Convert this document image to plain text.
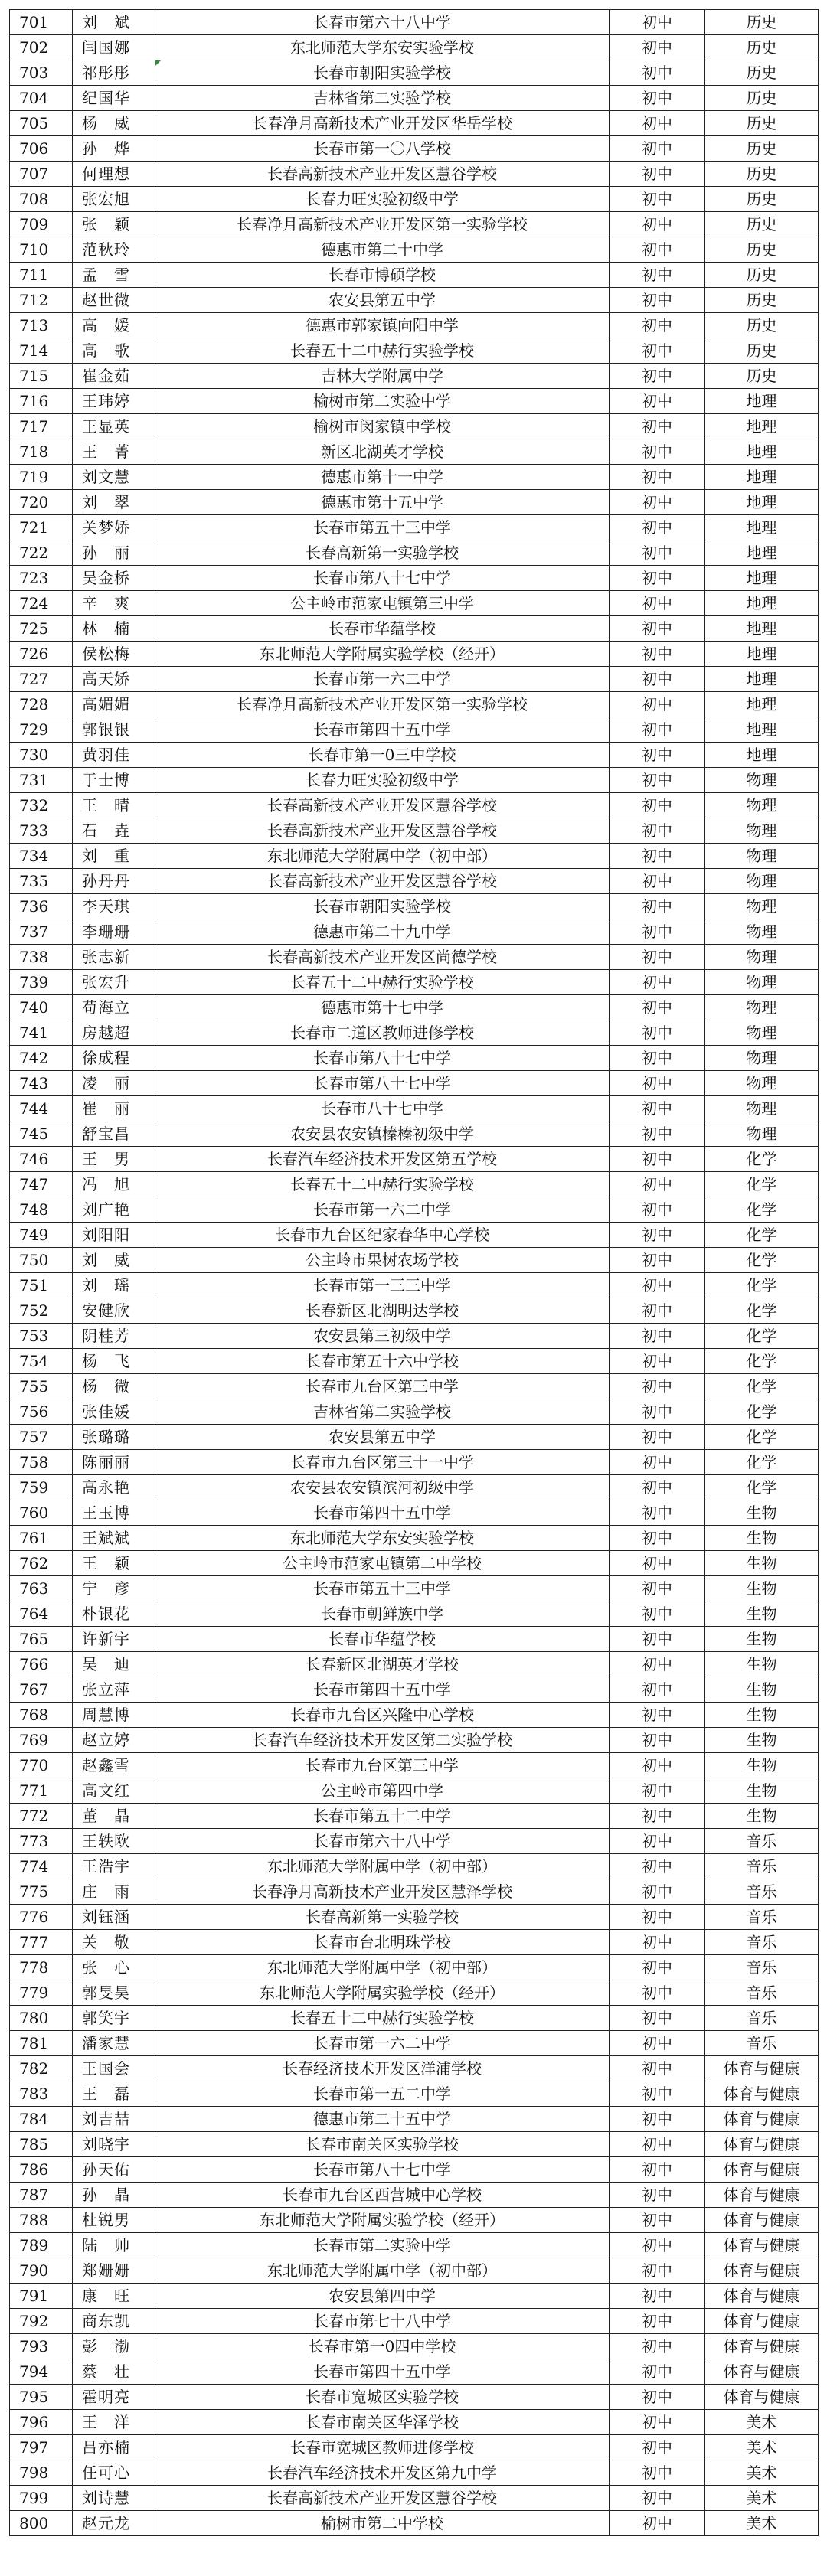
701	刘　斌	长春市第六十八中学	初中	历史
702	闫国娜	东北师范大学东安实验学校	初中	历史
703	祁彤彤	长春市朝阳实验学校	初中	历史
704	纪国华	吉林省第二实验学校	初中	历史
705	杨　威	长春净月高新技术产业开发区华岳学校	初中	历史
706	孙　烨	长春市第一〇八学校	初中	历史
707	何理想	长春高新技术产业开发区慧谷学校	初中	历史
708	张宏旭	长春力旺实验初级中学	初中	历史
709	张　颖	长春净月高新技术产业开发区第一实验学校	初中	历史
710	范秋玲	德惠市第二十中学	初中	历史
711	孟　雪	长春市博硕学校	初中	历史
712	赵世微	农安县第五中学	初中	历史
713	高　媛	德惠市郭家镇向阳中学	初中	历史
714	高　歌	长春五十二中赫行实验学校	初中	历史
715	崔金茹	吉林大学附属中学	初中	历史
716	王玮婷	榆树市第二实验中学	初中	地理
717	王显英	榆树市闵家镇中学校	初中	地理
718	王　菁	新区北湖英才学校	初中	地理
719	刘文慧	德惠市第十一中学	初中	地理
720	刘　翠	德惠市第十五中学	初中	地理
721	关梦娇	长春市第五十三中学	初中	地理
722	孙　丽	长春高新第一实验学校	初中	地理
723	吴金桥	长春市第八十七中学	初中	地理
724	辛　爽	公主岭市范家屯镇第三中学	初中	地理
725	林　楠	长春市华蕴学校	初中	地理
726	侯松梅	东北师范大学附属实验学校（经开）	初中	地理
727	高天娇	长春市第一六二中学	初中	地理
728	高媚媚	长春净月高新技术产业开发区第一实验学校	初中	地理
729	郭银银	长春市第四十五中学	初中	地理
730	黄羽佳	长春市第一0三中学校	初中	地理
731	于士博	长春力旺实验初级中学	初中	物理
732	王　晴	长春高新技术产业开发区慧谷学校	初中	物理
733	石　垚	长春高新技术产业开发区慧谷学校	初中	物理
734	刘　重	东北师范大学附属中学（初中部）	初中	物理
735	孙丹丹	长春高新技术产业开发区慧谷学校	初中	物理
736	李天琪	长春市朝阳实验学校	初中	物理
737	李珊珊	德惠市第二十九中学	初中	物理
738	张志新	长春高新技术产业开发区尚德学校	初中	物理
739	张宏升	长春五十二中赫行实验学校	初中	物理
740	苟海立	德惠市第十七中学	初中	物理
741	房越超	长春市二道区教师进修学校	初中	物理
742	徐成程	长春市第八十七中学	初中	物理
743	凌　丽	长春市第八十七中学	初中	物理
744	崔　丽	长春市八十七中学	初中	物理
745	舒宝昌	农安县农安镇榛榛初级中学	初中	物理
746	王　男	长春汽车经济技术开发区第五学校	初中	化学
747	冯　旭	长春五十二中赫行实验学校	初中	化学
748	刘广艳	长春市第一六二中学	初中	化学
749	刘阳阳	长春市九台区纪家春华中心学校	初中	化学
750	刘　威	公主岭市果树农场学校	初中	化学
751	刘　瑶	长春市第一三三中学	初中	化学
752	安健欣	长春新区北湖明达学校	初中	化学
753	阴桂芳	农安县第三初级中学	初中	化学
754	杨　飞	长春市第五十六中学校	初中	化学
755	杨　微	长春市九台区第三中学	初中	化学
756	张佳媛	吉林省第二实验学校	初中	化学
757	张璐璐	农安县第五中学	初中	化学
758	陈丽丽	长春市九台区第三十一中学	初中	化学
759	高永艳	农安县农安镇滨河初级中学	初中	化学
760	王玉博	长春市第四十五中学	初中	生物
761	王斌斌	东北师范大学东安实验学校	初中	生物
762	王　颖	公主岭市范家屯镇第二中学校	初中	生物
763	宁　彦	长春市第五十三中学	初中	生物
764	朴银花	长春市朝鲜族中学	初中	生物
765	许新宇	长春市华蕴学校	初中	生物
766	吴　迪	长春新区北湖英才学校	初中	生物
767	张立萍	长春市第四十五中学	初中	生物
768	周慧博	长春市九台区兴隆中心学校	初中	生物
769	赵立婷	长春汽车经济技术开发区第二实验学校	初中	生物
770	赵鑫雪	长春市九台区第三中学	初中	生物
771	高文红	公主岭市第四中学	初中	生物
772	董　晶	长春市第五十二中学	初中	生物
773	王轶欧	长春市第六十八中学	初中	音乐
774	王浩宇	东北师范大学附属中学（初中部）	初中	音乐
775	庄　雨	长春净月高新技术产业开发区慧泽学校	初中	音乐
776	刘钰涵	长春高新第一实验学校	初中	音乐
777	关　敬	长春市台北明珠学校	初中	音乐
778	张　心	东北师范大学附属中学（初中部）	初中	音乐
779	郭旻昊	东北师范大学附属实验学校（经开）	初中	音乐
780	郭笑宇	长春五十二中赫行实验学校	初中	音乐
781	潘家慧	长春市第一六二中学	初中	音乐
782	王国会	长春经济技术开发区洋浦学校	初中	体育与健康
783	王　磊	长春市第一五二中学	初中	体育与健康
784	刘吉喆	德惠市第二十五中学	初中	体育与健康
785	刘晓宇	长春市南关区实验学校	初中	体育与健康
786	孙天佑	长春市第八十七中学	初中	体育与健康
787	孙　晶	长春市九台区西营城中心学校	初中	体育与健康
788	杜锐男	东北师范大学附属实验学校（经开）	初中	体育与健康
789	陆　帅	长春市第二实验中学	初中	体育与健康
790	郑姗姗	东北师范大学附属中学（初中部）	初中	体育与健康
791	康　旺	农安县第四中学	初中	体育与健康
792	商东凯	长春市第七十八中学	初中	体育与健康
793	彭　渤	长春市第一0四中学校	初中	体育与健康
794	蔡　壮	长春市第四十五中学	初中	体育与健康
795	霍明亮	长春市宽城区实验学校	初中	体育与健康
796	王　洋	长春市南关区华泽学校	初中	美术
797	吕亦楠	长春市宽城区教师进修学校	初中	美术
798	任可心	长春汽车经济技术开发区第九中学	初中	美术
799	刘诗慧	长春高新技术产业开发区慧谷学校	初中	美术
800	赵元龙	榆树市第二中学校	初中	美术
